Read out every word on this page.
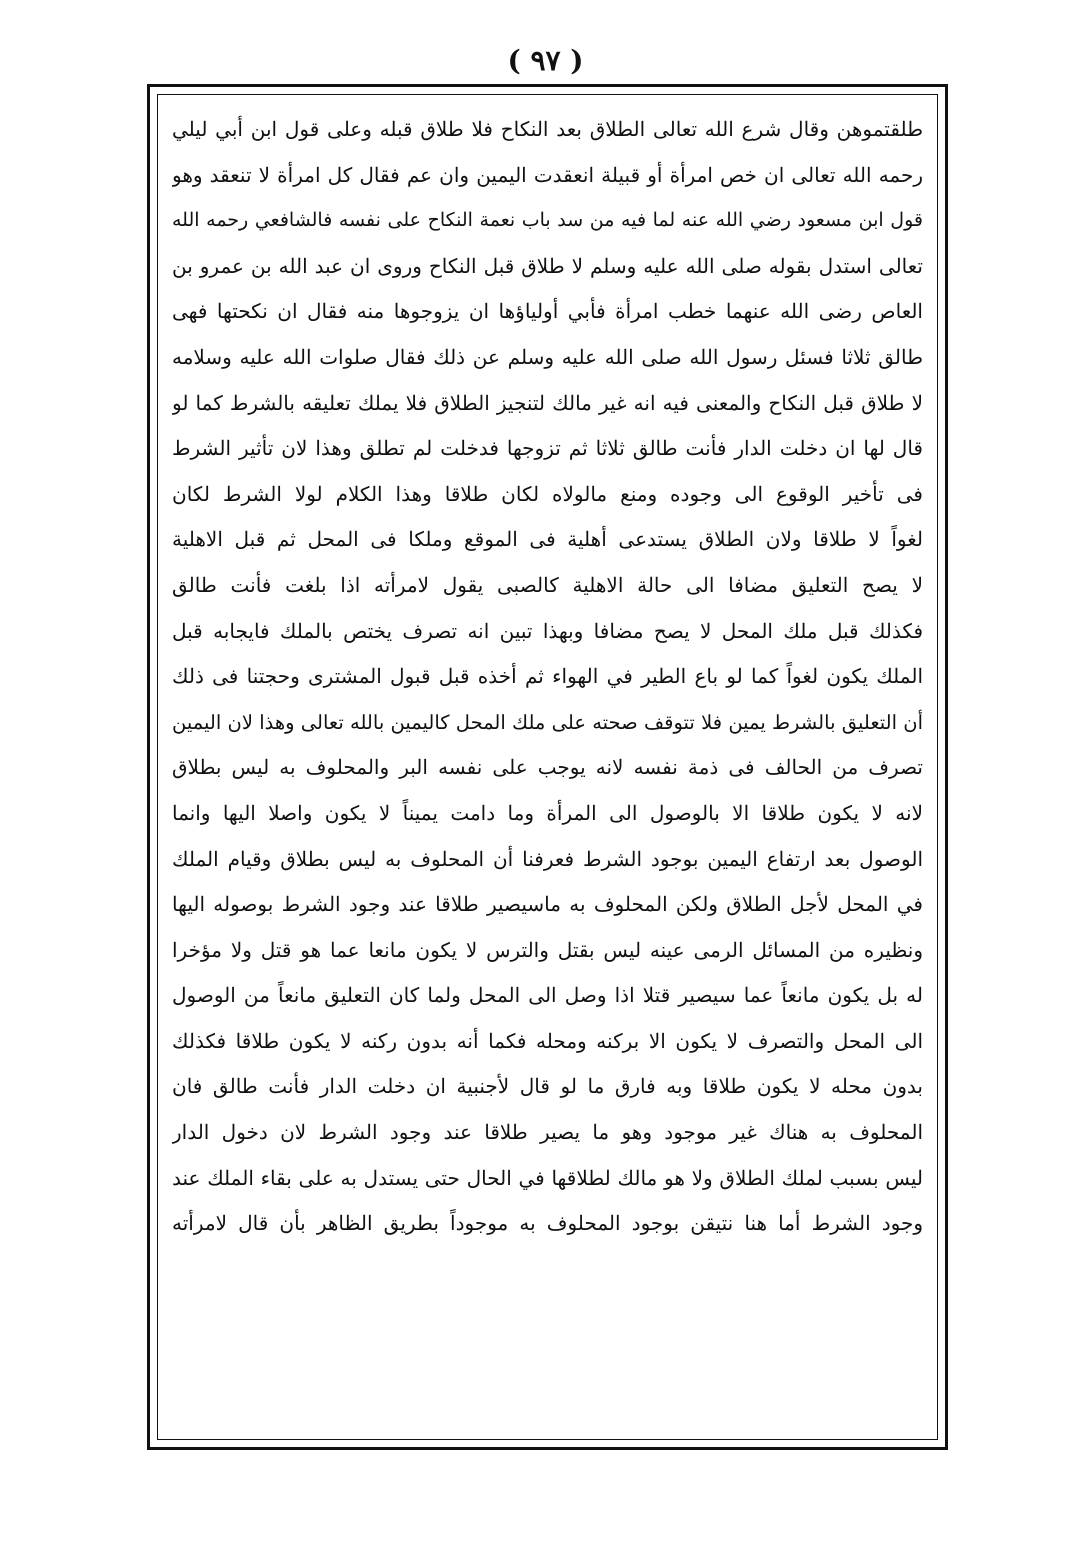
( ٩٧ )
طلقتموهن وقال شرع الله تعالى الطلاق بعد النكاح فلا طلاق قبله وعلى قول ابن أبي ليلي
رحمه الله تعالى ان خص امرأة أو قبيلة انعقدت اليمين وان عم فقال كل امرأة لا تنعقد وهو
قول ابن مسعود رضي الله عنه لما فيه من سد باب نعمة النكاح على نفسه فالشافعي رحمه الله
تعالى استدل بقوله صلى الله عليه وسلم لا طلاق قبل النكاح وروى ان عبد الله بن عمرو بن
العاص رضى الله عنهما خطب امرأة فأبي أولياؤها ان يزوجوها منه فقال ان نكحتها فهى
طالق ثلاثا فسئل رسول الله صلى الله عليه وسلم عن ذلك فقال صلوات الله عليه وسلامه
لا طلاق قبل النكاح والمعنى فيه انه غير مالك لتنجيز الطلاق فلا يملك تعليقه بالشرط كما لو
قال لها ان دخلت الدار فأنت طالق ثلاثا ثم تزوجها فدخلت لم تطلق وهذا لان تأثير الشرط
فى تأخير الوقوع الى وجوده ومنع مالولاه لكان طلاقا وهذا الكلام لولا الشرط لكان
لغواً لا طلاقا ولان الطلاق يستدعى أهلية فى الموقع وملكا فى المحل ثم قبل الاهلية
لا يصح التعليق مضافا الى حالة الاهلية كالصبى يقول لامرأته اذا بلغت فأنت طالق
فكذلك قبل ملك المحل لا يصح مضافا وبهذا تبين انه تصرف يختص بالملك فايجابه قبل
الملك يكون لغواً كما لو باع الطير في الهواء ثم أخذه قبل قبول المشترى وحجتنا فى ذلك
أن التعليق بالشرط يمين فلا تتوقف صحته على ملك المحل كاليمين بالله تعالى وهذا لان اليمين
تصرف من الحالف فى ذمة نفسه لانه يوجب على نفسه البر والمحلوف به ليس بطلاق
لانه لا يكون طلاقا الا بالوصول الى المرأة وما دامت يميناً لا يكون واصلا اليها وانما
الوصول بعد ارتفاع اليمين بوجود الشرط فعرفنا أن المحلوف به ليس بطلاق وقيام الملك
في المحل لأجل الطلاق ولكن المحلوف به ماسيصير طلاقا عند وجود الشرط بوصوله اليها
ونظيره من المسائل الرمى عينه ليس بقتل والترس لا يكون مانعا عما هو قتل ولا مؤخرا
له بل يكون مانعاً عما سيصير قتلا اذا وصل الى المحل ولما كان التعليق مانعاً من الوصول
الى المحل والتصرف لا يكون الا بركنه ومحله فكما أنه بدون ركنه لا يكون طلاقا فكذلك
بدون محله لا يكون طلاقا وبه فارق ما لو قال لأجنبية ان دخلت الدار فأنت طالق فان
المحلوف به هناك غير موجود وهو ما يصير طلاقا عند وجود الشرط لان دخول الدار
ليس بسبب لملك الطلاق ولا هو مالك لطلاقها في الحال حتى يستدل به على بقاء الملك عند
وجود الشرط أما هنا نتيقن بوجود المحلوف به موجوداً بطريق الظاهر بأن قال لامرأته
